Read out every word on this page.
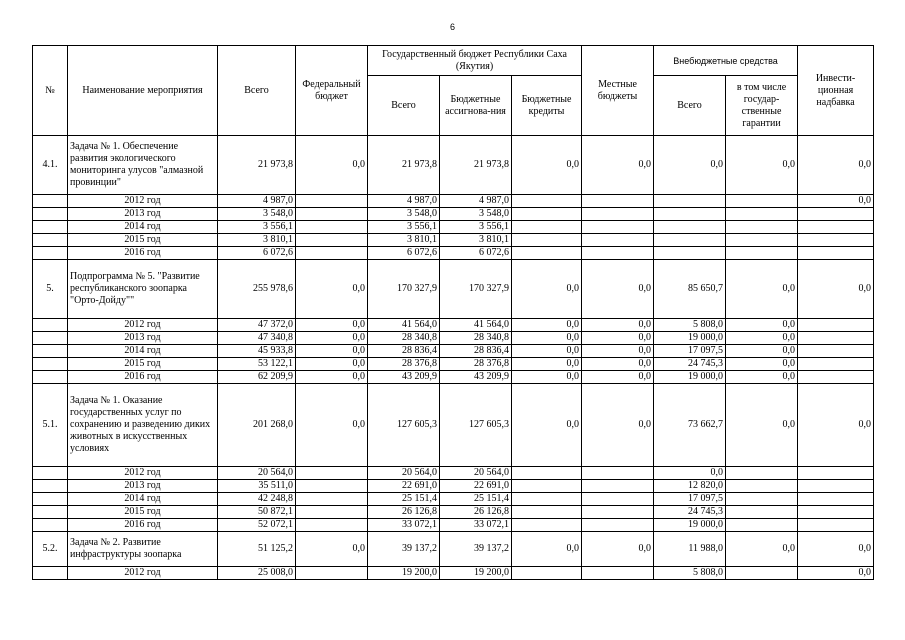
6
№	Наименование мероприятия	Всего	Федеральный бюджет	Государственный бюджет Республики Саха (Якутия)			Местные бюджеты	Внебюджетные средства		Инвести-ционная надбавка
				Всего	Бюджетные ассигнова-ния	Бюджетные кредиты		Всего	в том числе государ-ственные гарантии	
4.1.	Задача № 1. Обеспечение развития экологического мониторинга улусов "алмазной провинции"	21 973,8	0,0	21 973,8	21 973,8	0,0	0,0	0,0	0,0	0,0
	2012 год	4 987,0		4 987,0	4 987,0					0,0
	2013 год	3 548,0		3 548,0	3 548,0					
	2014 год	3 556,1		3 556,1	3 556,1					
	2015 год	3 810,1		3 810,1	3 810,1					
	2016 год	6 072,6		6 072,6	6 072,6					
5.	Подпрограмма № 5. "Развитие республиканского зоопарка "Орто-Дойду""	255 978,6	0,0	170 327,9	170 327,9	0,0	0,0	85 650,7	0,0	0,0
	2012 год	47 372,0	0,0	41 564,0	41 564,0	0,0	0,0	5 808,0	0,0	
	2013 год	47 340,8	0,0	28 340,8	28 340,8	0,0	0,0	19 000,0	0,0	
	2014 год	45 933,8	0,0	28 836,4	28 836,4	0,0	0,0	17 097,5	0,0	
	2015 год	53 122,1	0,0	28 376,8	28 376,8	0,0	0,0	24 745,3	0,0	
	2016 год	62 209,9	0,0	43 209,9	43 209,9	0,0	0,0	19 000,0	0,0	
5.1.	Задача № 1. Оказание государственных услуг по сохранению и разведению диких животных в искусственных условиях	201 268,0	0,0	127 605,3	127 605,3	0,0	0,0	73 662,7	0,0	0,0
	2012 год	20 564,0		20 564,0	20 564,0			0,0		
	2013 год	35 511,0		22 691,0	22 691,0			12 820,0		
	2014 год	42 248,8		25 151,4	25 151,4			17 097,5		
	2015 год	50 872,1		26 126,8	26 126,8			24 745,3		
	2016 год	52 072,1		33 072,1	33 072,1			19 000,0		
5.2.	Задача № 2. Развитие инфраструктуры зоопарка	51 125,2	0,0	39 137,2	39 137,2	0,0	0,0	11 988,0	0,0	0,0
	2012 год	25 008,0		19 200,0	19 200,0			5 808,0		0,0
